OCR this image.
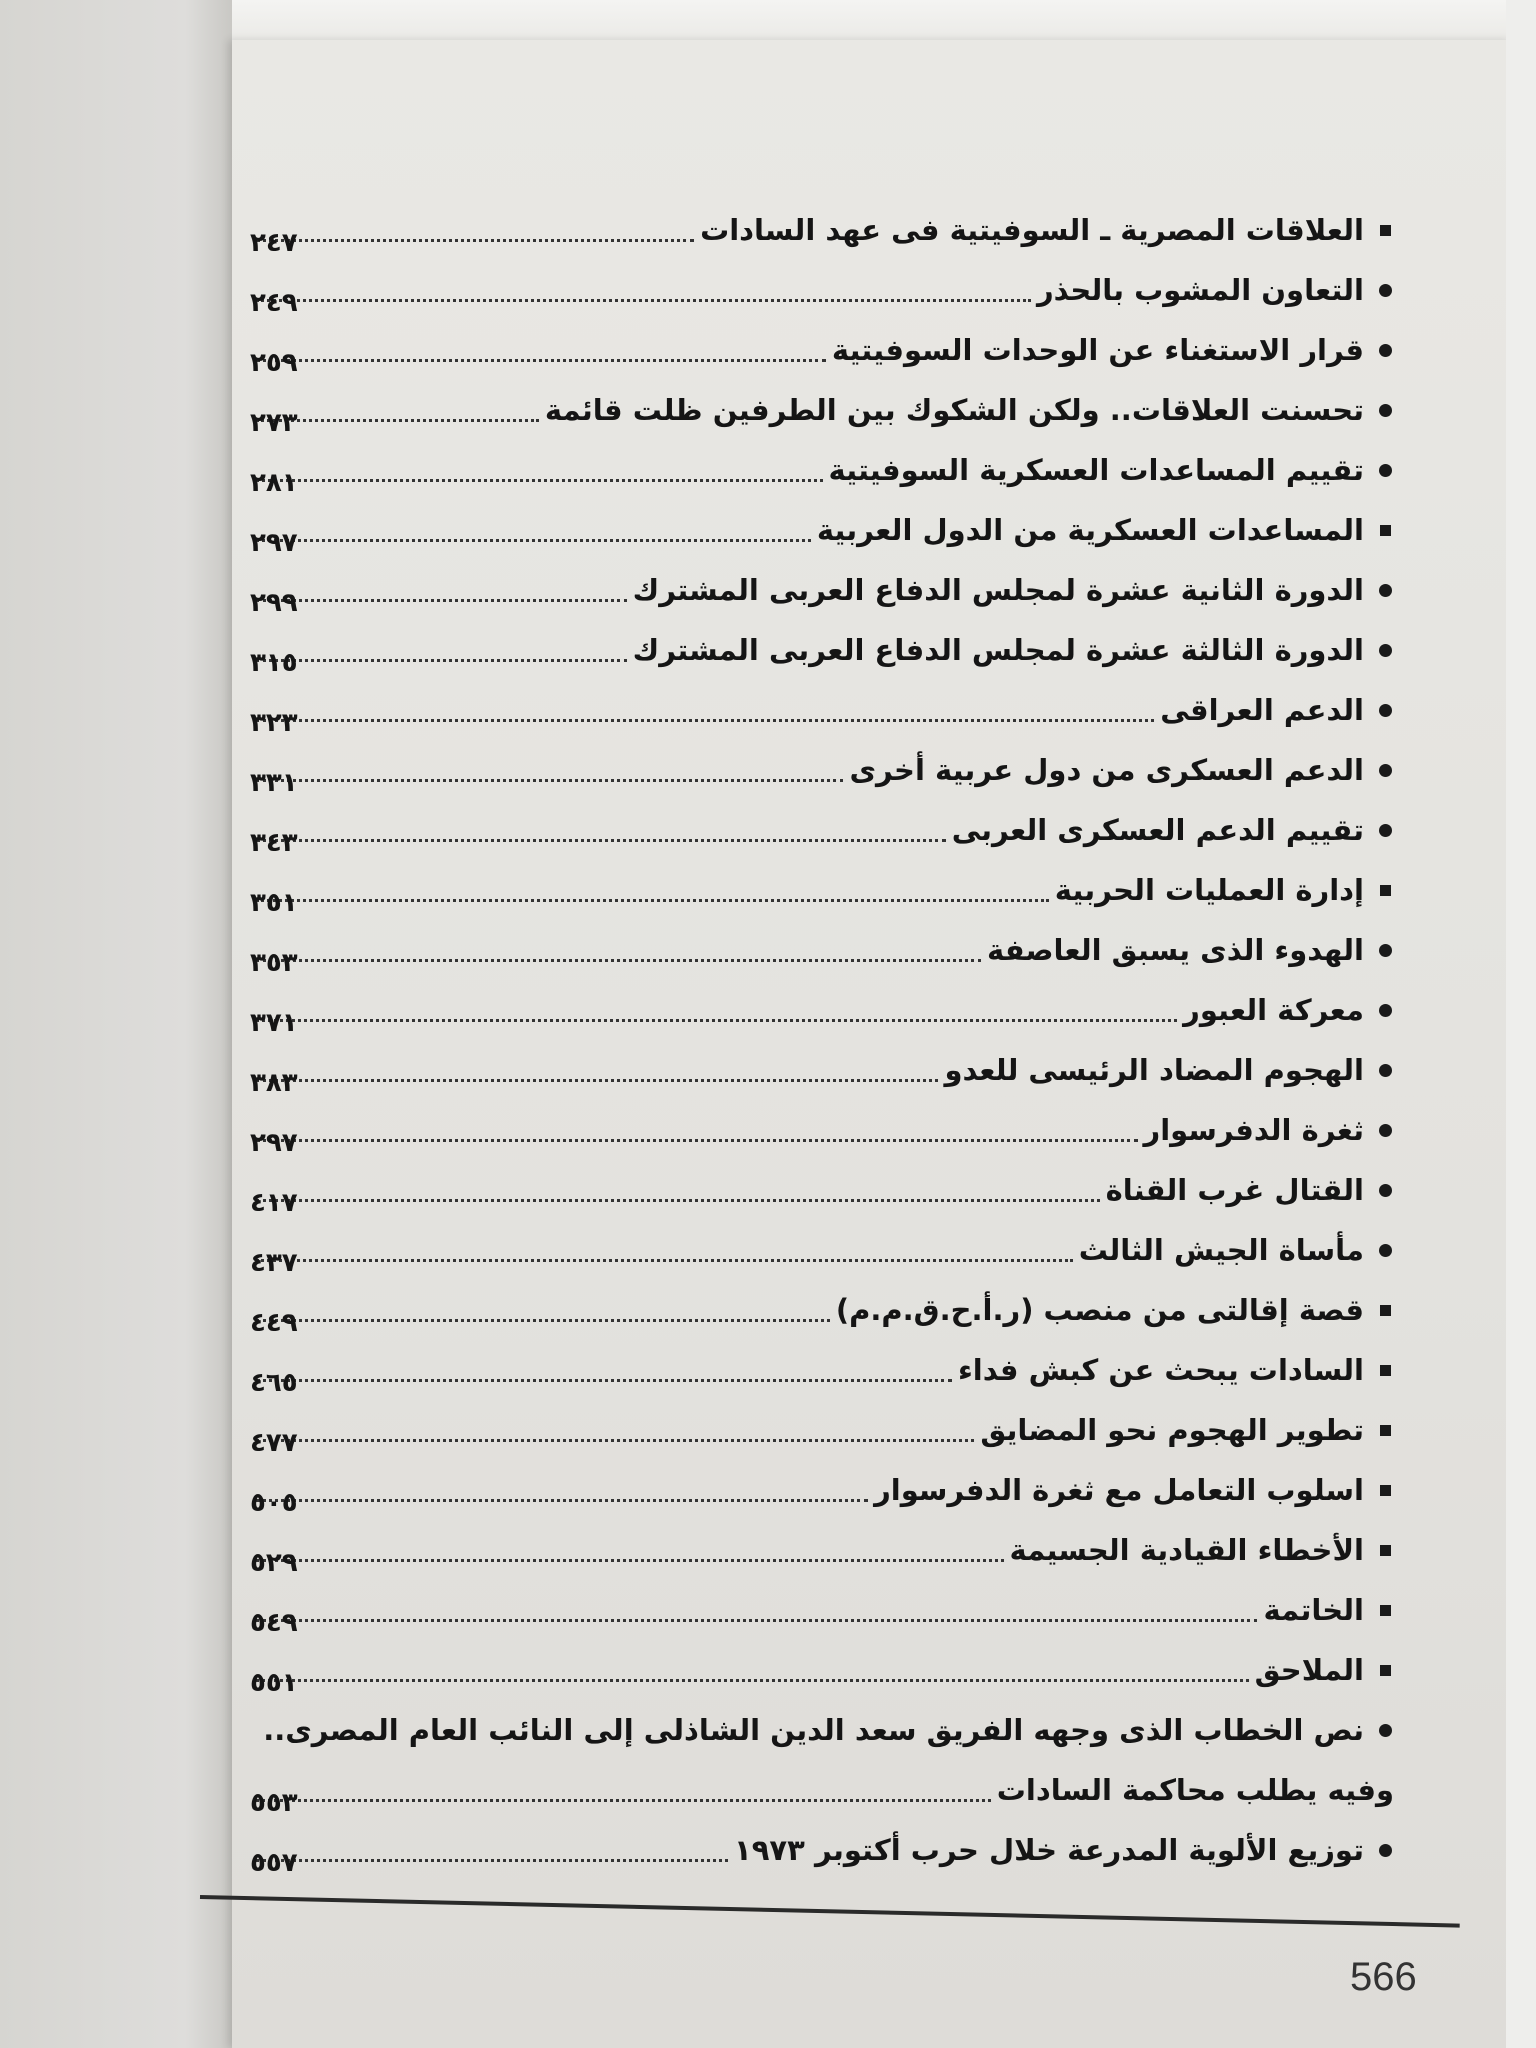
العلاقات المصرية ـ السوفيتية فى عهد السادات
٢٤٧
التعاون المشوب بالحذر
٢٤٩
قرار الاستغناء عن الوحدات السوفيتية
٢٥٩
تحسنت العلاقات.. ولكن الشكوك بين الطرفين ظلت قائمة
٢٧٣
تقييم المساعدات العسكرية السوفيتية
٢٨١
المساعدات العسكرية من الدول العربية
٢٩٧
الدورة الثانية عشرة لمجلس الدفاع العربى المشترك
٢٩٩
الدورة الثالثة عشرة لمجلس الدفاع العربى المشترك
٣١٥
الدعم العراقى
٣٢٣
الدعم العسكرى من دول عربية أخرى
٣٣١
تقييم الدعم العسكرى العربى
٣٤٣
إدارة العمليات الحربية
٣٥١
الهدوء الذى يسبق العاصفة
٣٥٣
معركة العبور
٣٧١
الهجوم المضاد الرئيسى للعدو
٣٨٣
ثغرة الدفرسوار
٢٩٧
القتال غرب القناة
٤١٧
مأساة الجيش الثالث
٤٣٧
قصة إقالتى من منصب (ر.أ.ح.ق.م.م)
٤٤٩
السادات يبحث عن كبش فداء
٤٦٥
تطوير الهجوم نحو المضايق
٤٧٧
اسلوب التعامل مع ثغرة الدفرسوار
٥٠٥
الأخطاء القيادية الجسيمة
٥٢٩
الخاتمة
٥٤٩
الملاحق
٥٥١
نص الخطاب الذى وجهه الفريق سعد الدين الشاذلى إلى النائب العام المصرى..
وفيه يطلب محاكمة السادات
٥٥٣
توزيع الألوية المدرعة خلال حرب أكتوبر ١٩٧٣
٥٥٧
566
